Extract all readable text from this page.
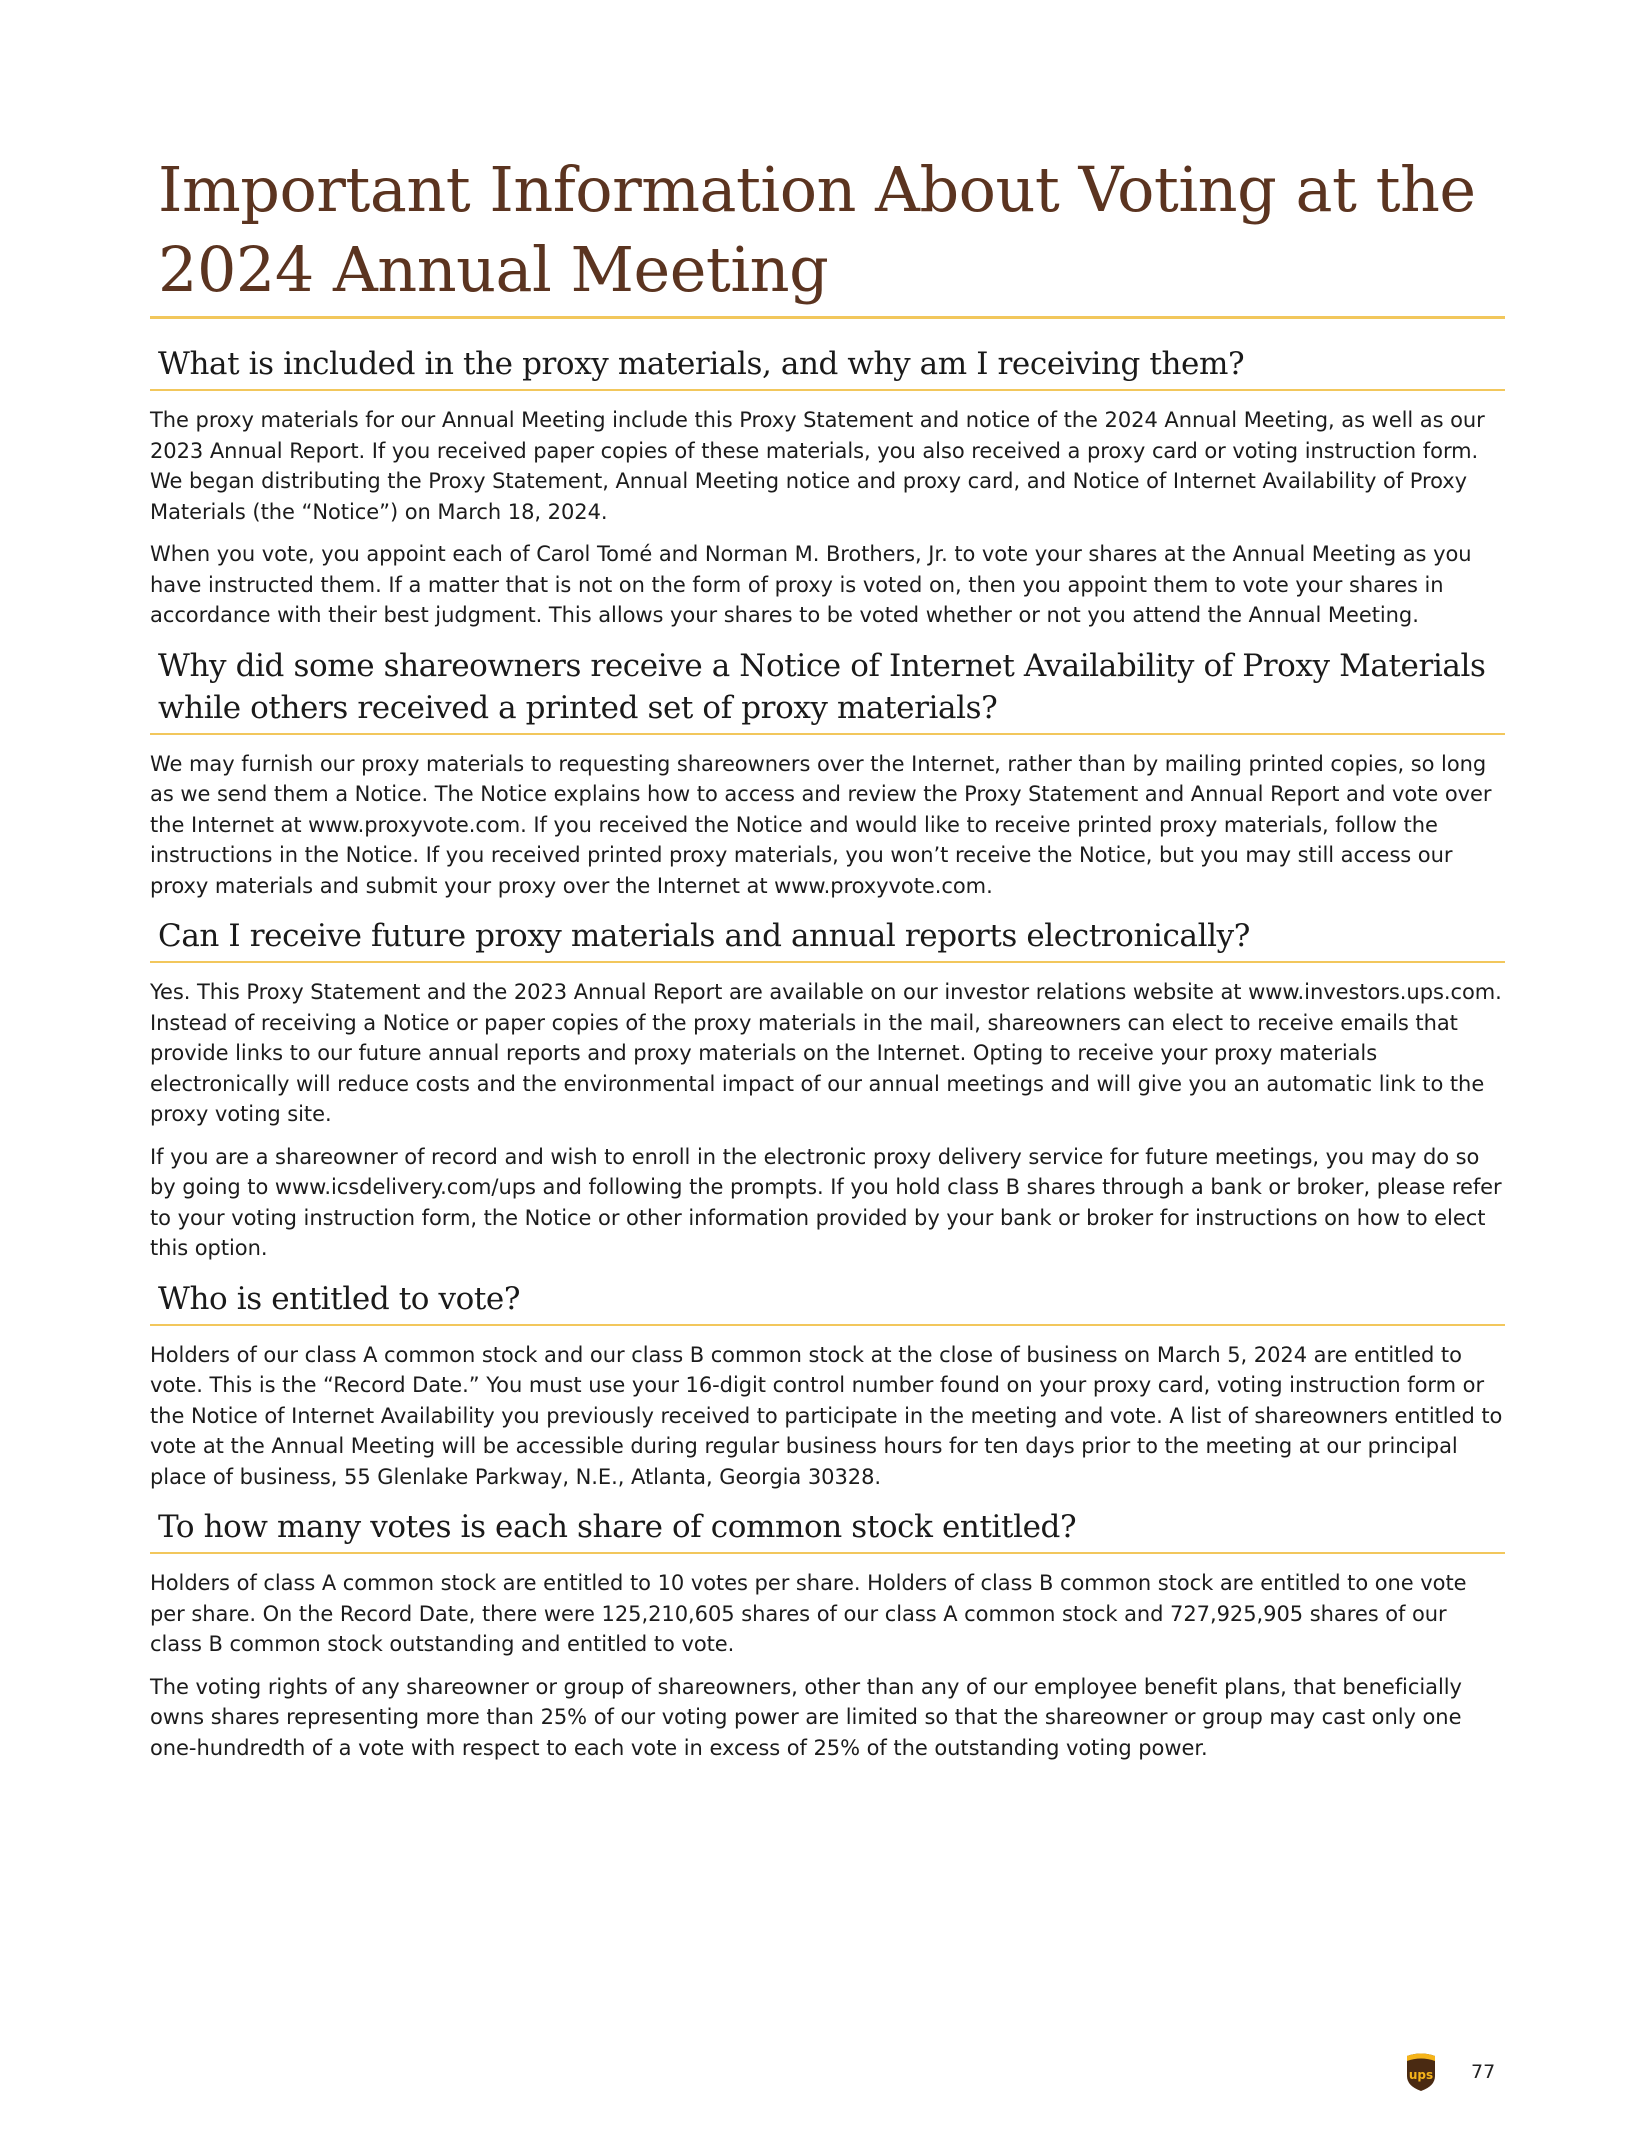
Important Information About Voting at the 2024 Annual Meeting
What is included in the proxy materials, and why am I receiving them?

The proxy materials for our Annual Meeting include this Proxy Statement and notice of the 2024 Annual Meeting, as well as our 2023 Annual Report. If you received paper copies of these materials, you also received a proxy card or voting instruction form. We began distributing the Proxy Statement, Annual Meeting notice and proxy card, and Notice of Internet Availability of Proxy Materials (the “Notice”) on March 18, 2024.

When you vote, you appoint each of Carol Tomé and Norman M. Brothers, Jr. to vote your shares at the Annual Meeting as you have instructed them. If a matter that is not on the form of proxy is voted on, then you appoint them to vote your shares in accordance with their best judgment. This allows your shares to be voted whether or not you attend the Annual Meeting.

Why did some shareowners receive a Notice of Internet Availability of Proxy Materials while others received a printed set of proxy materials?

We may furnish our proxy materials to requesting shareowners over the Internet, rather than by mailing printed copies, so long as we send them a Notice. The Notice explains how to access and review the Proxy Statement and Annual Report and vote over the Internet at www.proxyvote.com. If you received the Notice and would like to receive printed proxy materials, follow the instructions in the Notice. If you received printed proxy materials, you won’t receive the Notice, but you may still access our proxy materials and submit your proxy over the Internet at www.proxyvote.com.

Can I receive future proxy materials and annual reports electronically?

Yes. This Proxy Statement and the 2023 Annual Report are available on our investor relations website at www.investors.ups.com. Instead of receiving a Notice or paper copies of the proxy materials in the mail, shareowners can elect to receive emails that provide links to our future annual reports and proxy materials on the Internet. Opting to receive your proxy materials electronically will reduce costs and the environmental impact of our annual meetings and will give you an automatic link to the proxy voting site.

If you are a shareowner of record and wish to enroll in the electronic proxy delivery service for future meetings, you may do so by going to www.icsdelivery.com/ups and following the prompts. If you hold class B shares through a bank or broker, please refer to your voting instruction form, the Notice or other information provided by your bank or broker for instructions on how to elect this option.

Who is entitled to vote?

Holders of our class A common stock and our class B common stock at the close of business on March 5, 2024 are entitled to vote. This is the “Record Date.” You must use your 16-digit control number found on your proxy card, voting instruction form or the Notice of Internet Availability you previously received to participate in the meeting and vote. A list of shareowners entitled to vote at the Annual Meeting will be accessible during regular business hours for ten days prior to the meeting at our principal place of business, 55 Glenlake Parkway, N.E., Atlanta, Georgia 30328.

To how many votes is each share of common stock entitled?

Holders of class A common stock are entitled to 10 votes per share. Holders of class B common stock are entitled to one vote per share. On the Record Date, there were 125,210,605 shares of our class A common stock and 727,925,905 shares of our class B common stock outstanding and entitled to vote.

The voting rights of any shareowner or group of shareowners, other than any of our employee benefit plans, that beneficially owns shares representing more than 25% of our voting power are limited so that the shareowner or group may cast only one one-hundredth of a vote with respect to each vote in excess of 25% of the outstanding voting power.

ups 77
